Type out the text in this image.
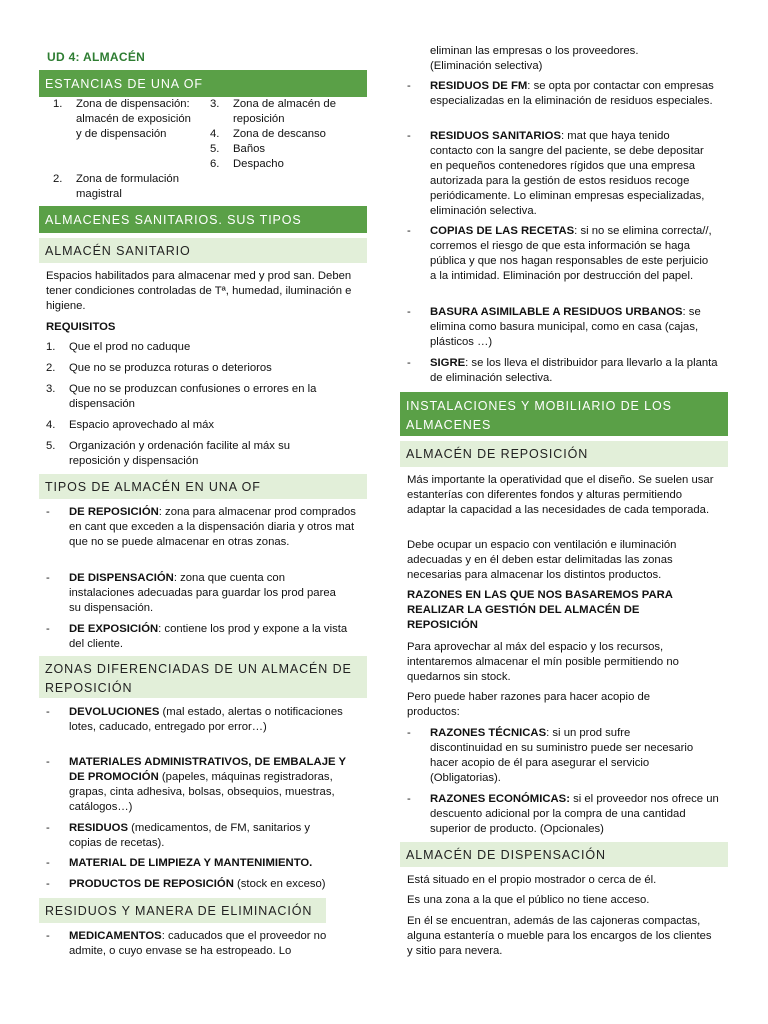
UD 4: ALMACÉN
ESTANCIAS DE UNA OF
1. Zona de dispensación: almacén de exposición y de dispensación
2. Zona de formulación magistral
3. Zona de almacén de reposición
4. Zona de descanso
5. Baños
6. Despacho
ALMACENES SANITARIOS. SUS TIPOS
ALMACÉN SANITARIO
Espacios habilitados para almacenar med y prod san. Deben tener condiciones controladas de Tª, humedad, iluminación e higiene.
REQUISITOS
1. Que el prod no caduque
2. Que no se produzca roturas o deterioros
3. Que no se produzcan confusiones o errores en la dispensación
4. Espacio aprovechado al máx
5. Organización y ordenación facilite al máx su reposición y dispensación
TIPOS DE ALMACÉN EN UNA OF
- DE REPOSICIÓN: zona para almacenar prod comprados en cant que exceden a la dispensación diaria y otros mat que no se puede almacenar en otras zonas.
- DE DISPENSACIÓN: zona que cuenta con instalaciones adecuadas para guardar los prod parea su dispensación.
- DE EXPOSICIÓN: contiene los prod y expone a la vista del cliente.
ZONAS DIFERENCIADAS DE UN ALMACÉN DE REPOSICIÓN
- DEVOLUCIONES (mal estado, alertas o notificaciones lotes, caducado, entregado por error…)
- MATERIALES ADMINISTRATIVOS, DE EMBALAJE Y DE PROMOCIÓN (papeles, máquinas registradoras, grapas, cinta adhesiva, bolsas, obsequios, muestras, catálogos…)
- RESIDUOS (medicamentos, de FM, sanitarios y copias de recetas).
- MATERIAL DE LIMPIEZA Y MANTENIMIENTO.
- PRODUCTOS DE REPOSICIÓN (stock en exceso)
RESIDUOS Y MANERA DE ELIMINACIÓN
- MEDICAMENTOS: caducados que el proveedor no admite, o cuyo envase se ha estropeado. Lo
eliminan las empresas o los proveedores. (Eliminación selectiva)
- RESIDUOS DE FM: se opta por contactar con empresas especializadas en la eliminación de residuos especiales.
- RESIDUOS SANITARIOS: mat que haya tenido contacto con la sangre del paciente, se debe depositar en pequeños contenedores rígidos que una empresa autorizada para la gestión de estos residuos recoge periódicamente. Lo eliminan empresas especializadas, eliminación selectiva.
- COPIAS DE LAS RECETAS: si no se elimina correcta//, corremos el riesgo de que esta información se haga pública y que nos hagan responsables de este perjuicio a la intimidad. Eliminación por destrucción del papel.
- BASURA ASIMILABLE A RESIDUOS URBANOS: se elimina como basura municipal, como en casa (cajas, plásticos …)
- SIGRE: se los lleva el distribuidor para llevarlo a la planta de eliminación selectiva.
INSTALACIONES Y MOBILIARIO DE LOS ALMACENES
ALMACÉN DE REPOSICIÓN
Más importante la operatividad que el diseño. Se suelen usar estanterías con diferentes fondos y alturas permitiendo adaptar la capacidad a las necesidades de cada temporada.
Debe ocupar un espacio con ventilación e iluminación adecuadas y en él deben estar delimitadas las zonas necesarias para almacenar los distintos productos.
RAZONES EN LAS QUE NOS BASAREMOS PARA REALIZAR LA GESTIÓN DEL ALMACÉN DE REPOSICIÓN
Para aprovechar al máx del espacio y los recursos, intentaremos almacenar el mín posible permitiendo no quedarnos sin stock.
Pero puede haber razones para hacer acopio de productos:
- RAZONES TÉCNICAS: si un prod sufre discontinuidad en su suministro puede ser necesario hacer acopio de él para asegurar el servicio (Obligatorias).
- RAZONES ECONÓMICAS: si el proveedor nos ofrece un descuento adicional por la compra de una cantidad superior de producto. (Opcionales)
ALMACÉN DE DISPENSACIÓN
Está situado en el propio mostrador o cerca de él.
Es una zona a la que el público no tiene acceso.
En él se encuentran, además de las cajoneras compactas, alguna estantería o mueble para los encargos de los clientes y sitio para nevera.
